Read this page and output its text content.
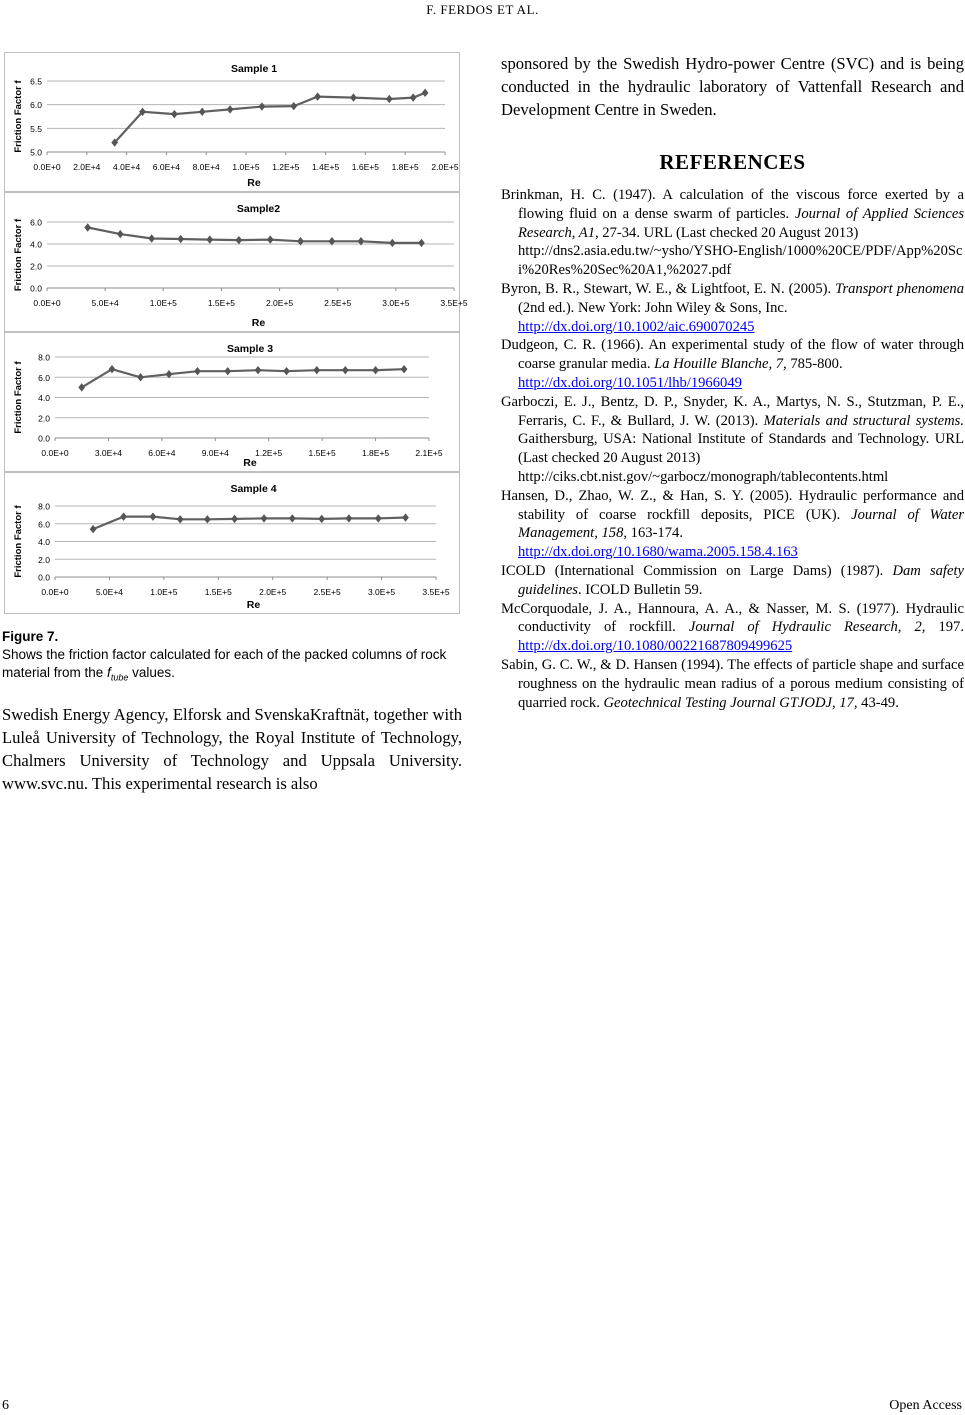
F. FERDOS ET AL.
Sample 1
5.0
5.5
6.0
6.5
0.0E+0 2.0E+4 4.0E+4 6.0E+4 8.0E+4 1.0E+5 1.2E+5 1.4E+5 1.6E+5 1.8E+5 2.0E+5
Re
Friction Factor f
Sample2
0.0
2.0
4.0
6.0
0.0E+0	5.0E+4	1.0E+5	1.5E+5	2.0E+5	2.5E+5	3.0E+5	3.5E+5
Re
Friction Factor f
Sample 3
0.0
2.0
4.0
6.0
8.0
0.0E+0	3.0E+4	6.0E+4	9.0E+4	1.2E+5	1.5E+5	1.8E+5	2.1E+5
Re
Friction Factor f
Sample 4
0.0
2.0
4.0
6.0
8.0
0.0E+0	5.0E+4	1.0E+5	1.5E+5	2.0E+5	2.5E+5	3.0E+5	3.5E+5
Re
Friction Factor f
Figure 7.
Shows the friction factor calculated for each of the packed columns of rock material from the $f_{tube}$ values.
Swedish Energy Agency, Elforsk and SvenskaKraftnät, together with Luleå University of Technology, the Royal Institute of Technology, Chalmers University of Technology and Uppsala University. www.svc.nu. This experimental research is also
sponsored by the Swedish Hydro-power Centre (SVC) and is being conducted in the hydraulic laboratory of Vattenfall Research and Development Centre in Sweden.
REFERENCES

Brinkman, H. C. (1947). A calculation of the viscous force exerted by a flowing fluid on a dense swarm of particles. Journal of Applied Sciences Research, A1, 27-34. URL (Last checked 20 August 2013)
http://dns2.asia.edu.tw/~ysho/YSHO-English/1000%20CE/PDF/App%20Sci%20Res%20Sec%20A1,%2027.pdf

Byron, B. R., Stewart, W. E., & Lightfoot, E. N. (2005). Transport phenomena (2nd ed.). New York: John Wiley & Sons, Inc.
http://dx.doi.org/10.1002/aic.690070245

Dudgeon, C. R. (1966). An experimental study of the flow of water through coarse granular media. La Houille Blanche, 7, 785-800.
http://dx.doi.org/10.1051/lhb/1966049

Garboczi, E. J., Bentz, D. P., Snyder, K. A., Martys, N. S., Stutzman, P. E., Ferraris, C. F., & Bullard, J. W. (2013). Materials and structural systems. Gaithersburg, USA: National Institute of Standards and Technology. URL (Last checked 20 August 2013)
http://ciks.cbt.nist.gov/~garbocz/monograph/tablecontents.html

Hansen, D., Zhao, W. Z., & Han, S. Y. (2005). Hydraulic performance and stability of coarse rockfill deposits, PICE (UK). Journal of Water Management, 158, 163-174.
http://dx.doi.org/10.1680/wama.2005.158.4.163

ICOLD (International Commission on Large Dams) (1987). Dam safety guidelines. ICOLD Bulletin 59.

McCorquodale, J. A., Hannoura, A. A., & Nasser, M. S. (1977). Hydraulic conductivity of rockfill. Journal of Hydraulic Research, 2, 197. http://dx.doi.org/10.1080/00221687809499625

Sabin, G. C. W., & D. Hansen (1994). The effects of particle shape and surface roughness on the hydraulic mean radius of a porous medium consisting of quarried rock. Geotechnical Testing Journal GTJODJ, 17, 43-49.

6	Open Access
